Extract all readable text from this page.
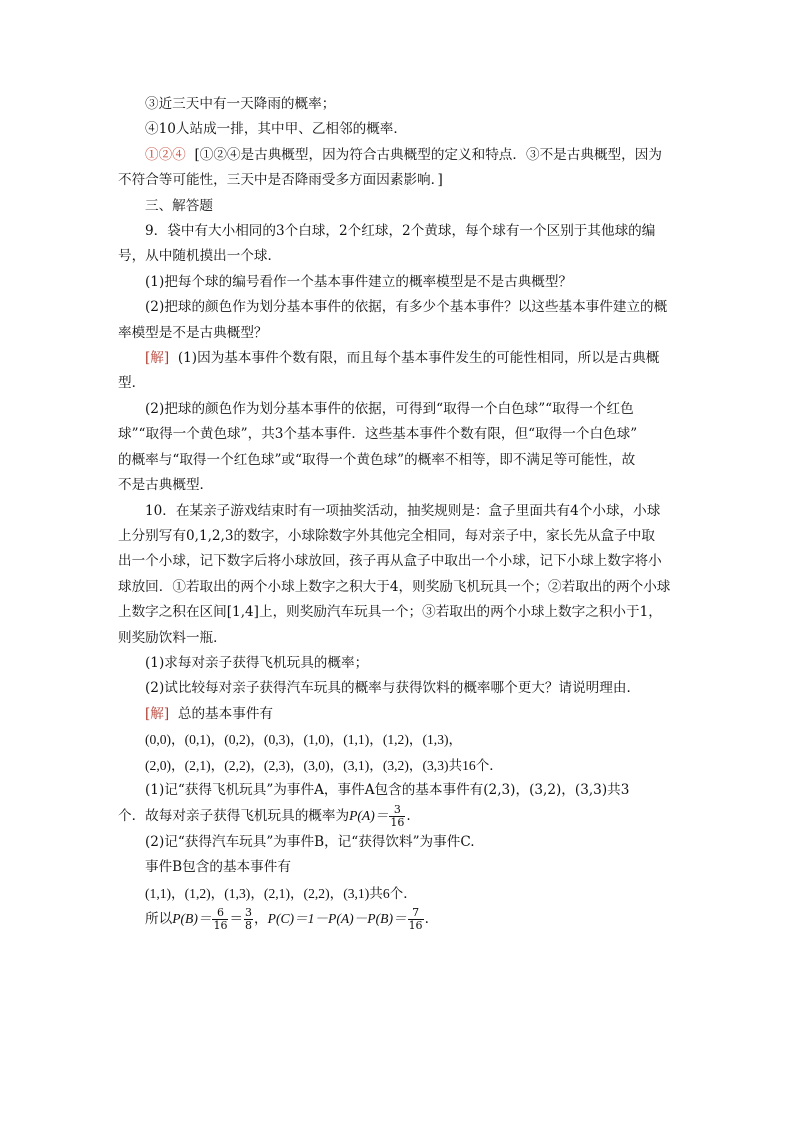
③近三天中有一天降雨的概率；

④10人站成一排，其中甲、乙相邻的概率．

①②④ [①②④是古典概型，因为符合古典概型的定义和特点．③不是古典概型，因为

不符合等可能性，三天中是否降雨受多方面因素影响．]

三、解答题

9．袋中有大小相同的3个白球，2个红球，2个黄球，每个球有一个区别于其他球的编

号，从中随机摸出一个球．

(1)把每个球的编号看作一个基本事件建立的概率模型是不是古典概型？

(2)把球的颜色作为划分基本事件的依据，有多少个基本事件？以这些基本事件建立的概

率模型是不是古典概型？

[解] (1)因为基本事件个数有限，而且每个基本事件发生的可能性相同，所以是古典概

型．

(2)把球的颜色作为划分基本事件的依据，可得到“取得一个白色球”“取得一个红色

球”“取得一个黄色球”，共3个基本事件．这些基本事件个数有限，但“取得一个白色球”

的概率与“取得一个红色球”或“取得一个黄色球”的概率不相等，即不满足等可能性，故

不是古典概型．

10．在某亲子游戏结束时有一项抽奖活动，抽奖规则是：盒子里面共有4个小球，小球

上分别写有0,1,2,3的数字，小球除数字外其他完全相同，每对亲子中，家长先从盒子中取

出一个小球，记下数字后将小球放回，孩子再从盒子中取出一个小球，记下小球上数字将小

球放回．①若取出的两个小球上数字之积大于4，则奖励飞机玩具一个；②若取出的两个小球

上数字之积在区间[1,4]上，则奖励汽车玩具一个；③若取出的两个小球上数字之积小于1，

则奖励饮料一瓶．

(1)求每对亲子获得飞机玩具的概率；

(2)试比较每对亲子获得汽车玩具的概率与获得饮料的概率哪个更大？请说明理由．

[解] 总的基本事件有

(0,0)，(0,1)，(0,2)，(0,3)，(1,0)，(1,1)，(1,2)，(1,3)，

(2,0)，(2,1)，(2,2)，(2,3)，(3,0)，(3,1)，(3,2)，(3,3)共16个．

(1)记“获得飞机玩具”为事件A，事件A包含的基本事件有(2,3)，(3,2)，(3,3)共3

个．故每对亲子获得飞机玩具的概率为$P(A)= \frac{3}{16}$ .

(2)记“获得汽车玩具”为事件B，记“获得饮料”为事件C.

事件B包含的基本事件有

(1,1)，(1,2)，(1,3)，(2,1)，(2,2)，(3,1)共6个．

所以$P(B)= \frac{6}{16} = \frac{3}{8}$ ，$P(C)=1-P(A)-P(B)= \frac{7}{16}$ .
